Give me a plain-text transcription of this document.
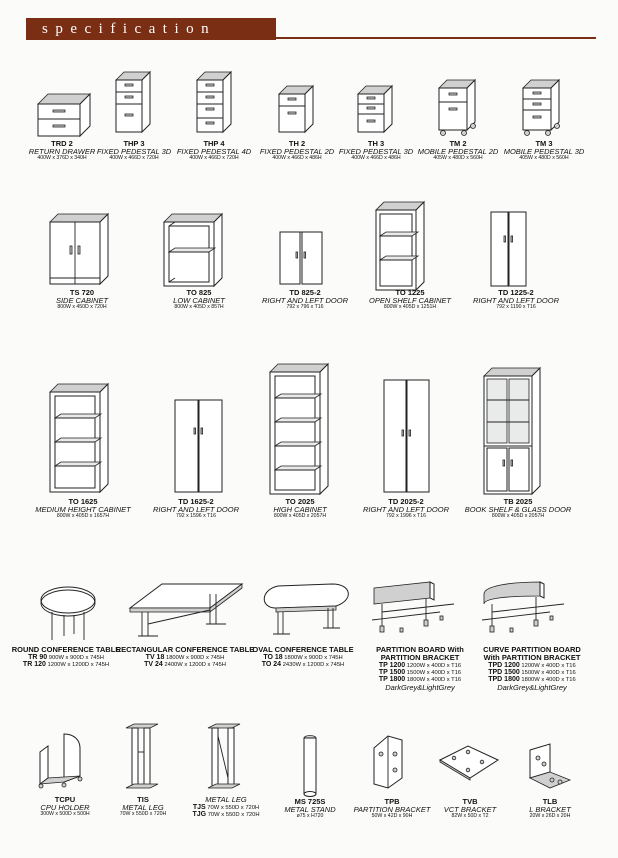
specification
TRD 2
RETURN DRAWER
400W x 376D x 340H
THP 3
FIXED PEDESTAL 3D
400W x 466D x 720H
THP 4
FIXED PEDESTAL 4D
400W x 466D x 720H
TH 2
FIXED PEDESTAL 2D
400W x 466D x 486H
TH 3
FIXED PEDESTAL 3D
400W x 466D x 486H
TM 2
MOBILE PEDESTAL 2D
405W x 480D x 560H
TM 3
MOBILE PEDESTAL 3D
405W x 480D x 560H
TS 720
SIDE CABINET
800W x 450D x 720H
TO 825
LOW CABINET
800W x 405D x 857H
TD 825-2
RIGHT AND LEFT DOOR
792 x 796 x T16
TO 1225
OPEN SHELF CABINET
800W x 405D x 1251H
TD 1225-2
RIGHT AND LEFT DOOR
792 x 1190 x T16
TO 1625
MEDIUM HEIGHT CABINET
800W x 405D x 1657H
TD 1625-2
RIGHT AND LEFT DOOR
792 x 1596 x T16
TO 2025
HIGH CABINET
800W x 405D x 2057H
TD 2025-2
RIGHT AND LEFT DOOR
792 x 1996 x T16
TB 2025
BOOK SHELF & GLASS DOOR
800W x 405D x 2057H
ROUND CONFERENCE TABLE
TR 90 900W x 900D x 745H
TR 120 1200W x 1200D x 745H
RECTANGULAR CONFERENCE TABLE
TV 18 1800W x 900D x 745H
TV 24 2400W x 1200D x 745H
OVAL CONFERENCE TABLE
TO 18 1800W x 900D x 745H
TO 24 2430W x 1200D x 745H
PARTITION BOARD With
PARTITION BRACKET
TP 1200 1200W x 400D x T16
TP 1500 1500W x 400D x T16
TP 1800 1800W x 400D x T16
DarkGrey&LightGrey
CURVE PARTITION BOARD
With PARTITION BRACKET
TPD 1200 1200W x 400D x T16
TPD 1500 1500W x 400D x T16
TPD 1800 1800W x 400D x T16
DarkGrey&LightGrey
TCPU
CPU HOLDER
300W x 500D x 500H
TIS
METAL LEG
70W x 550D x 720H
METAL LEG
TJS 70W x 550D x 720H
TJG 70W x 550D x 720H
MS 725S
METAL STAND
ø75 x H720
TPB
PARTITION BRACKET
50W x 42D x 90H
TVB
VCT BRACKET
82W x 50D x T2
TLB
L BRACKET
20W x 26D x 20H
